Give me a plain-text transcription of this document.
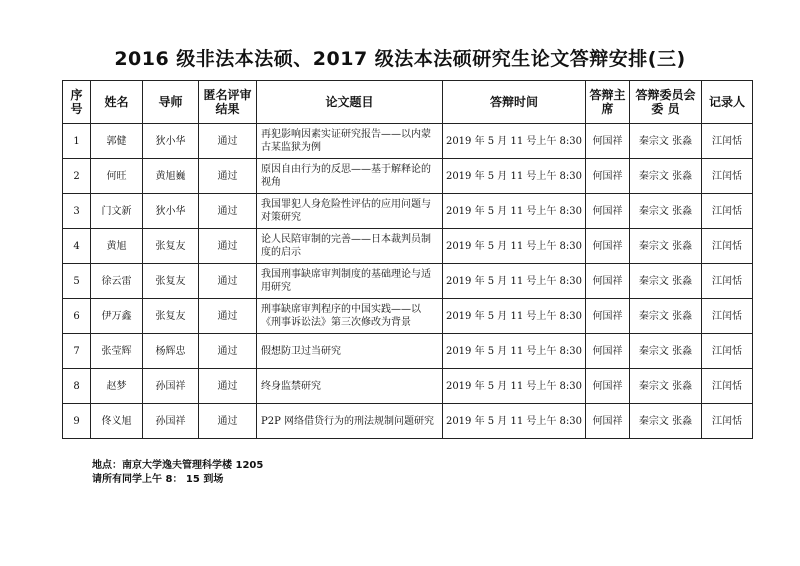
2016 级非法本法硕、2017 级法本法硕研究生论文答辩安排(三)
序号	姓名	导师	匿名评审结果	论文题目	答辩时间	答辩主席	答辩委员会委 员	记录人
1	郭健	狄小华	通过	再犯影响因素实证研究报告——以内蒙古某监狱为例	2019 年 5 月 11 号上午 8:30	何国祥	秦宗文 张淼	江闰恬
2	何旺	黄旭巍	通过	原因自由行为的反思——基于解释论的视角	2019 年 5 月 11 号上午 8:30	何国祥	秦宗文 张淼	江闰恬
3	门文新	狄小华	通过	我国罪犯人身危险性评估的应用问题与对策研究	2019 年 5 月 11 号上午 8:30	何国祥	秦宗文 张淼	江闰恬
4	黄旭	张复友	通过	论人民陪审制的完善——日本裁判员制度的启示	2019 年 5 月 11 号上午 8:30	何国祥	秦宗文 张淼	江闰恬
5	徐云雷	张复友	通过	我国刑事缺席审判制度的基础理论与适用研究	2019 年 5 月 11 号上午 8:30	何国祥	秦宗文 张淼	江闰恬
6	伊万鑫	张复友	通过	刑事缺席审判程序的中国实践——以《刑事诉讼法》第三次修改为背景	2019 年 5 月 11 号上午 8:30	何国祥	秦宗文 张淼	江闰恬
7	张莹辉	杨辉忠	通过	假想防卫过当研究	2019 年 5 月 11 号上午 8:30	何国祥	秦宗文 张淼	江闰恬
8	赵梦	孙国祥	通过	终身监禁研究	2019 年 5 月 11 号上午 8:30	何国祥	秦宗文 张淼	江闰恬
9	佟义旭	孙国祥	通过	P2P 网络借贷行为的刑法规制问题研究	2019 年 5 月 11 号上午 8:30	何国祥	秦宗文 张淼	江闰恬
地点：南京大学逸夫管理科学楼 1205
请所有同学上午 8： 15 到场
